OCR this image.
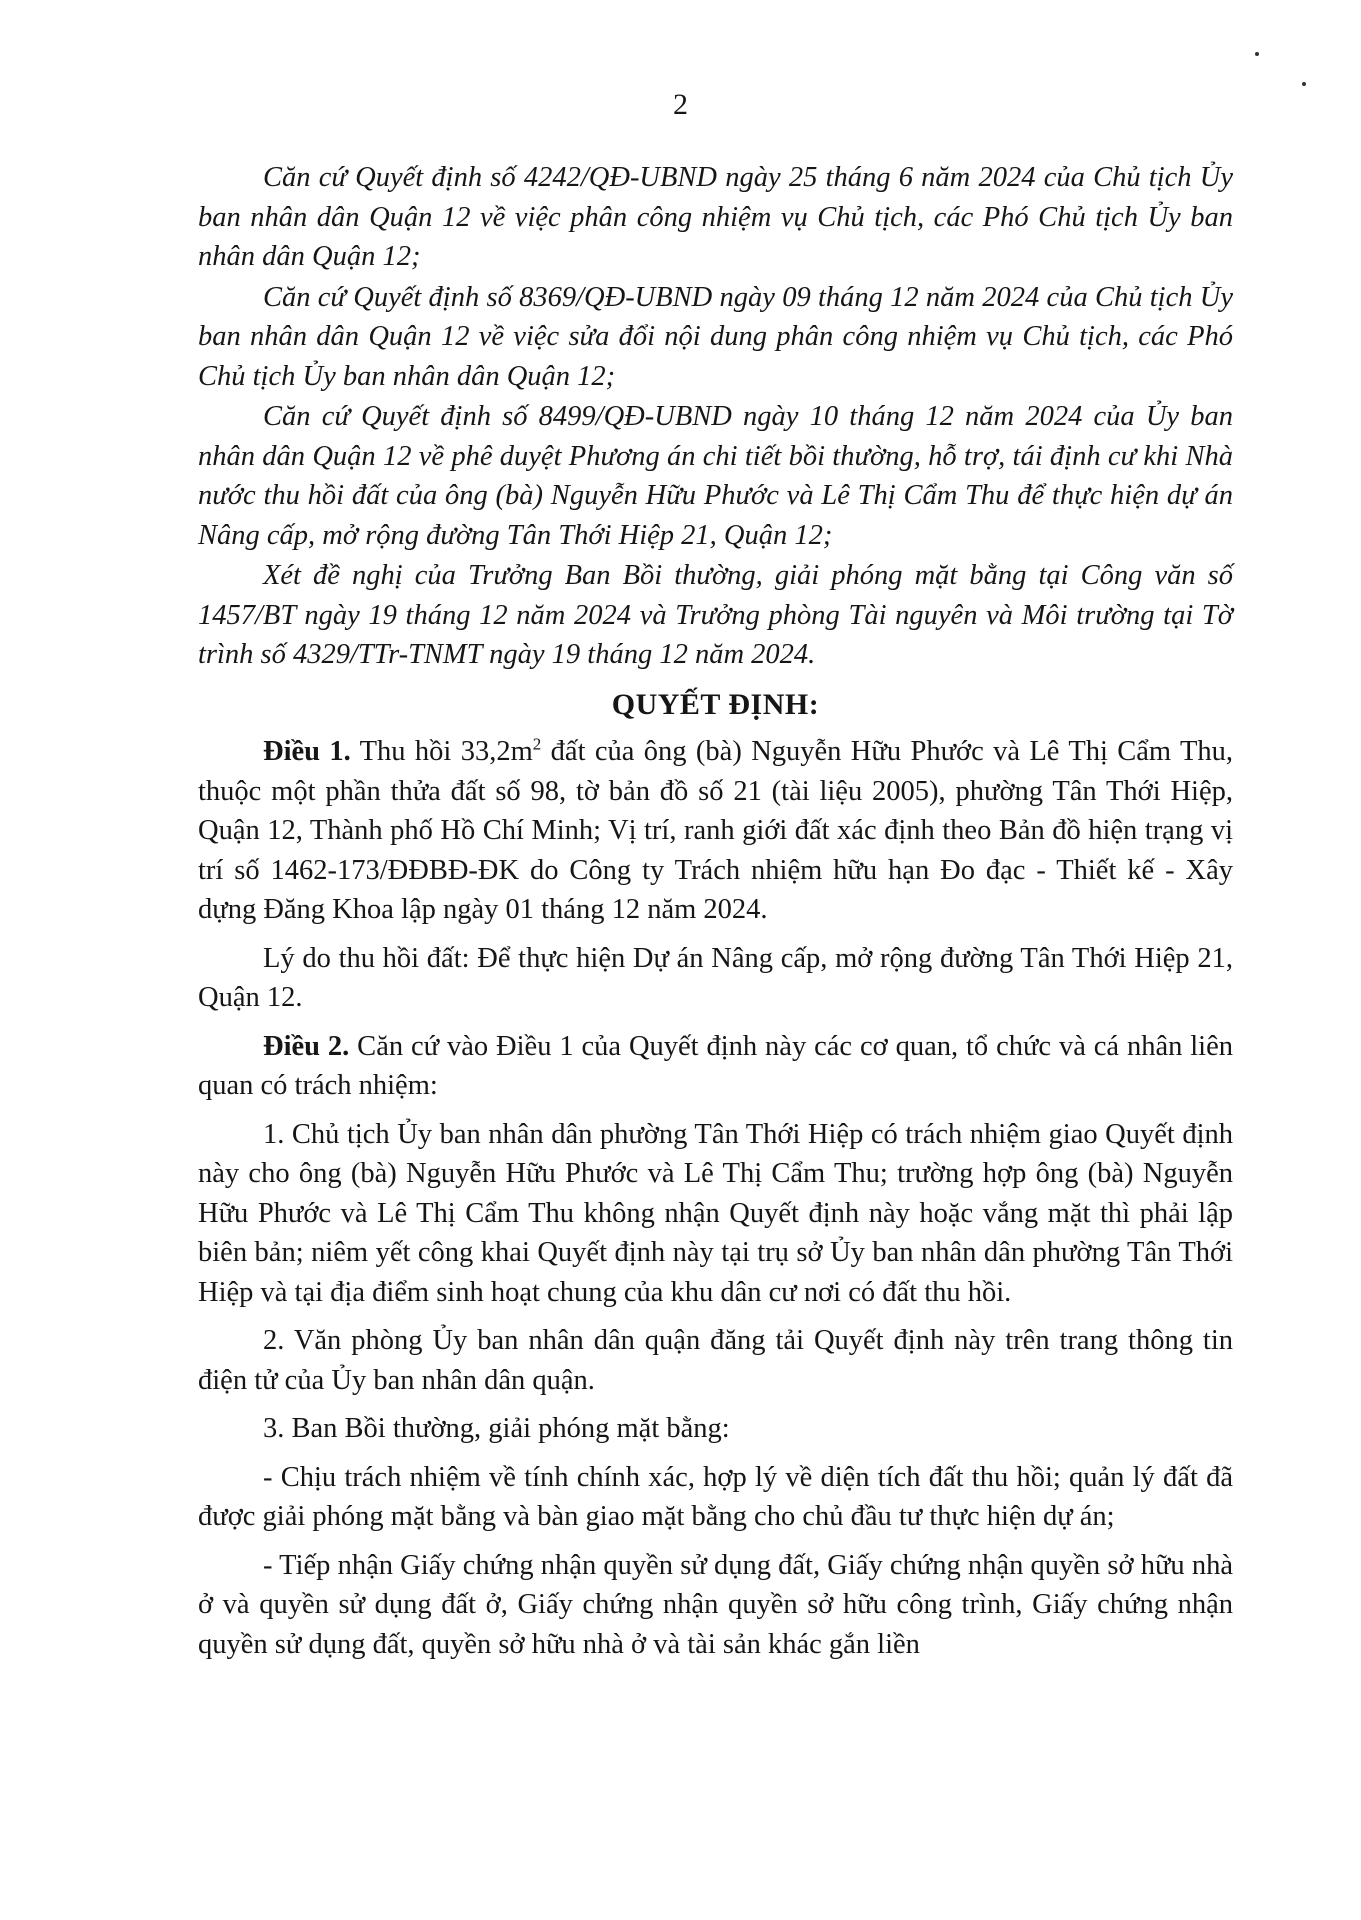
2

Căn cứ Quyết định số 4242/QĐ-UBND ngày 25 tháng 6 năm 2024 của Chủ tịch Ủy ban nhân dân Quận 12 về việc phân công nhiệm vụ Chủ tịch, các Phó Chủ tịch Ủy ban nhân dân Quận 12;

Căn cứ Quyết định số 8369/QĐ-UBND ngày 09 tháng 12 năm 2024 của Chủ tịch Ủy ban nhân dân Quận 12 về việc sửa đổi nội dung phân công nhiệm vụ Chủ tịch, các Phó Chủ tịch Ủy ban nhân dân Quận 12;

Căn cứ Quyết định số 8499/QĐ-UBND ngày 10 tháng 12 năm 2024 của Ủy ban nhân dân Quận 12 về phê duyệt Phương án chi tiết bồi thường, hỗ trợ, tái định cư khi Nhà nước thu hồi đất của ông (bà) Nguyễn Hữu Phước và Lê Thị Cẩm Thu để thực hiện dự án Nâng cấp, mở rộng đường Tân Thới Hiệp 21, Quận 12;

Xét đề nghị của Trưởng Ban Bồi thường, giải phóng mặt bằng tại Công văn số 1457/BT ngày 19 tháng 12 năm 2024 và Trưởng phòng Tài nguyên và Môi trường tại Tờ trình số 4329/TTr-TNMT ngày 19 tháng 12 năm 2024.

QUYẾT ĐỊNH:

Điều 1. Thu hồi $33,2m^2$ đất của ông (bà) Nguyễn Hữu Phước và Lê Thị Cẩm Thu, thuộc một phần thửa đất số 98, tờ bản đồ số 21 (tài liệu 2005), phường Tân Thới Hiệp, Quận 12, Thành phố Hồ Chí Minh; Vị trí, ranh giới đất xác định theo Bản đồ hiện trạng vị trí số 1462-173/ĐĐBĐ-ĐK do Công ty Trách nhiệm hữu hạn Đo đạc - Thiết kế - Xây dựng Đăng Khoa lập ngày 01 tháng 12 năm 2024.

Lý do thu hồi đất: Để thực hiện Dự án Nâng cấp, mở rộng đường Tân Thới Hiệp 21, Quận 12.

Điều 2. Căn cứ vào Điều 1 của Quyết định này các cơ quan, tổ chức và cá nhân liên quan có trách nhiệm:

1. Chủ tịch Ủy ban nhân dân phường Tân Thới Hiệp có trách nhiệm giao Quyết định này cho ông (bà) Nguyễn Hữu Phước và Lê Thị Cẩm Thu; trường hợp ông (bà) Nguyễn Hữu Phước và Lê Thị Cẩm Thu không nhận Quyết định này hoặc vắng mặt thì phải lập biên bản; niêm yết công khai Quyết định này tại trụ sở Ủy ban nhân dân phường Tân Thới Hiệp và tại địa điểm sinh hoạt chung của khu dân cư nơi có đất thu hồi.

2. Văn phòng Ủy ban nhân dân quận đăng tải Quyết định này trên trang thông tin điện tử của Ủy ban nhân dân quận.

3. Ban Bồi thường, giải phóng mặt bằng:

- Chịu trách nhiệm về tính chính xác, hợp lý về diện tích đất thu hồi; quản lý đất đã được giải phóng mặt bằng và bàn giao mặt bằng cho chủ đầu tư thực hiện dự án;

- Tiếp nhận Giấy chứng nhận quyền sử dụng đất, Giấy chứng nhận quyền sở hữu nhà ở và quyền sử dụng đất ở, Giấy chứng nhận quyền sở hữu công trình, Giấy chứng nhận quyền sử dụng đất, quyền sở hữu nhà ở và tài sản khác gắn liền
